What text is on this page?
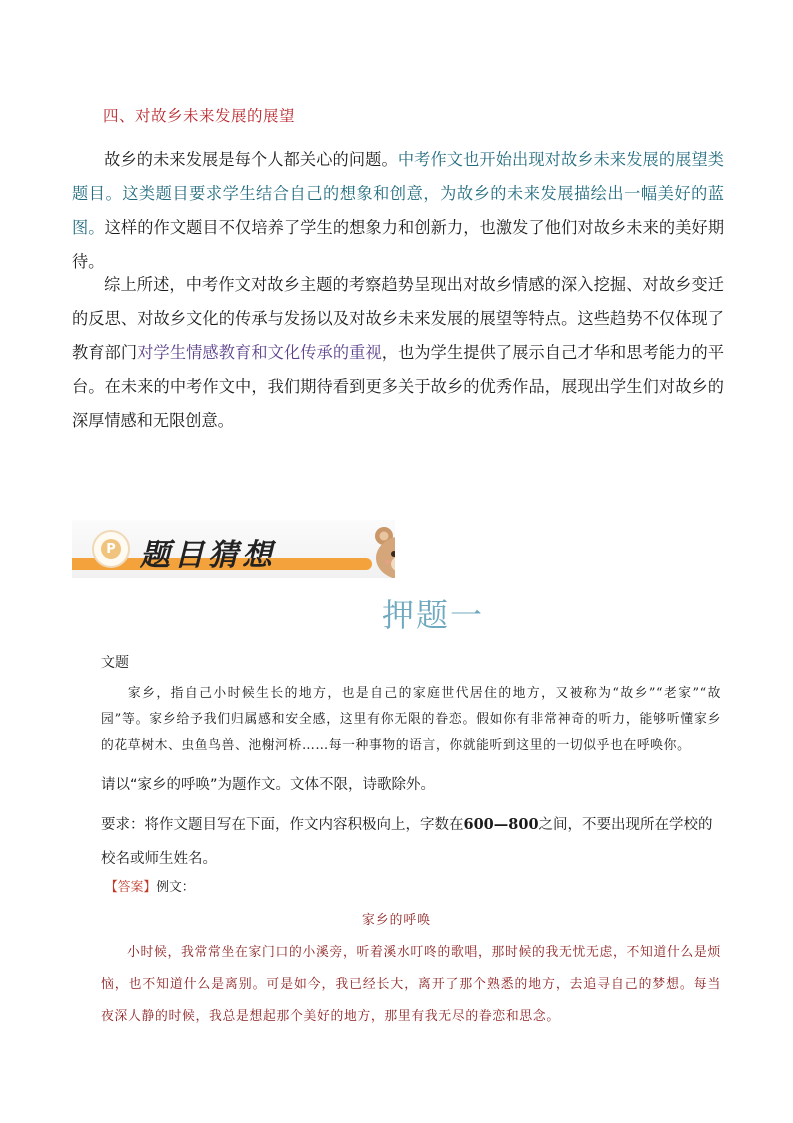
四、对故乡未来发展的展望
故乡的未来发展是每个人都关心的问题。中考作文也开始出现对故乡未来发展的展望类题目。这类题目要求学生结合自己的想象和创意，为故乡的未来发展描绘出一幅美好的蓝图。这样的作文题目不仅培养了学生的想象力和创新力，也激发了他们对故乡未来的美好期待。
综上所述，中考作文对故乡主题的考察趋势呈现出对故乡情感的深入挖掘、对故乡变迁的反思、对故乡文化的传承与发扬以及对故乡未来发展的展望等特点。这些趋势不仅体现了教育部门对学生情感教育和文化传承的重视，也为学生提供了展示自己才华和思考能力的平台。在未来的中考作文中，我们期待看到更多关于故乡的优秀作品，展现出学生们对故乡的深厚情感和无限创意。
P 题目猜想
押题一
文题
家乡，指自己小时候生长的地方，也是自己的家庭世代居住的地方，又被称为“故乡”“老家”“故园”等。家乡给予我们归属感和安全感，这里有你无限的眷恋。假如你有非常神奇的听力，能够听懂家乡的花草树木、虫鱼鸟兽、池榭河桥……每一种事物的语言，你就能听到这里的一切似乎也在呼唤你。
请以“家乡的呼唤”为题作文。文体不限，诗歌除外。
要求：将作文题目写在下面，作文内容积极向上，字数在600—800之间，不要出现所在学校的校名或师生姓名。
【答案】例文：
家乡的呼唤
小时候，我常常坐在家门口的小溪旁，听着溪水叮咚的歌唱，那时候的我无忧无虑，不知道什么是烦恼，也不知道什么是离别。可是如今，我已经长大，离开了那个熟悉的地方，去追寻自己的梦想。每当夜深人静的时候，我总是想起那个美好的地方，那里有我无尽的眷恋和思念。
